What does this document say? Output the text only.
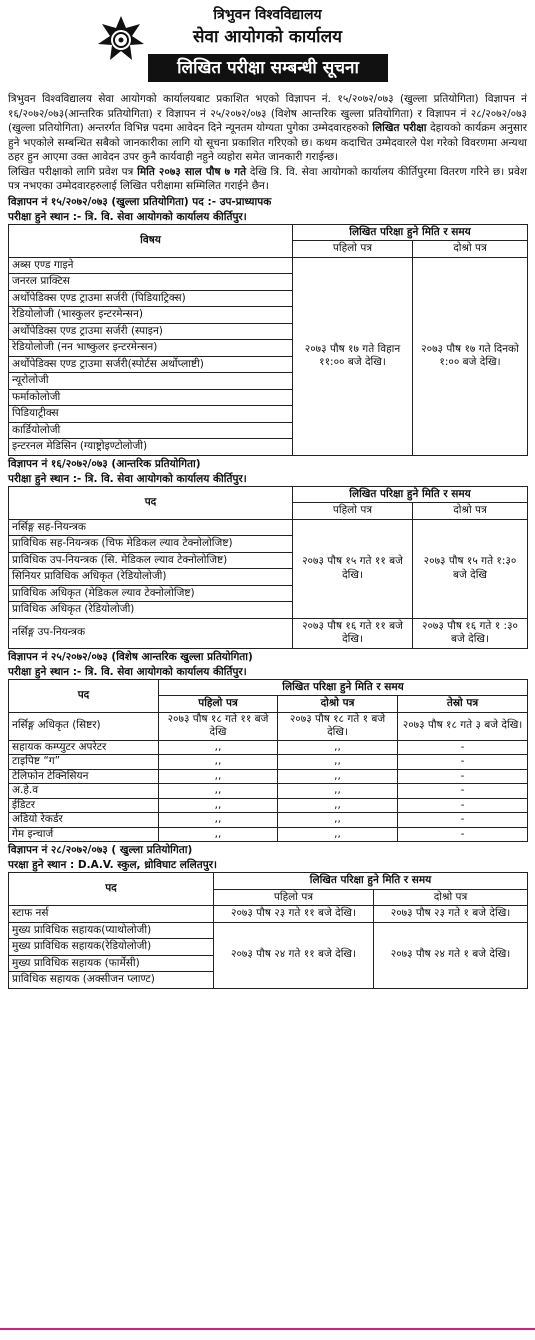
त्रिभुवन विश्वविद्यालय
सेवा आयोगको कार्यालय
लिखित परीक्षा सम्बन्धी सूचना

त्रिभुवन विश्वविद्यालय सेवा आयोगको कार्यालयबाट प्रकाशित भएको विज्ञापन नं. १५/२०७२/०७३ (खुल्ला प्रतियोगिता) विज्ञापन नं १६/२०७२/०७३(आन्तरिक प्रतियोगिता) र विज्ञापन नं २५/२०७२/०७३ (विशेष आन्तरिक खुल्ला प्रतियोगिता) र विज्ञापन नं २८/२०७२/०७३ (खुल्ला प्रतियोगिता) अन्तरर्गत विभिन्न पदमा आवेदन दिने न्यूनतम योग्यता पुगेका उम्मेदवारहरुको लिखित परीक्षा देहायको कार्यक्रम अनुसार हुने भएकोले सम्बन्धित सबैको जानकारीका लागि यो सूचना प्रकाशित गरिएको छ। कथम कदाचित उम्मेदवारले पेश गरेको विवरणमा अन्यथा ठहर हुन आएमा उक्त आवेदन उपर कुनै कार्यवाही नहुने व्यहोरा समेत जानकारी गराईन्छ।

लिखित परीक्षाको लागि प्रवेश पत्र मिति २०७३ साल पौष ७ गते देखि त्रि. वि. सेवा आयोगको कार्यालय कीर्तिपुरमा वितरण गरिने छ। प्रवेश पत्र नभएका उम्मेदवारहरुलाई लिखित परीक्षामा सम्मिलित गराईने छैन।

विज्ञापन नं १५/२०७२/०७३ (खुल्ला प्रतियोगिता) पद :- उप-प्राध्यापक
परीक्षा हुने स्थान :- त्रि. वि. सेवा आयोगको कार्यालय कीर्तिपुर।
विषय	लिखित परिक्षा हुने मिति र समय	
	पहिलो पत्र	दोश्रो पत्र
अब्स एण्ड गाइने	२०७३ पौष १७ गते विहान ११:०० बजे देखि।	२०७३ पौष १७ गते दिनको १:०० बजे देखि।
जनरल प्राक्टिस		
अर्थोपेडिक्स एण्ड ट्राउमा सर्जरी (पिडियाट्रिक्स)		
रेडियोलोजी (भास्कुलर इन्टरमेन्सन)		
अर्थोपेडिक्स एण्ड ट्राउमा सर्जरी (स्पाइन)		
रेडियोलोजी (नन भाष्कुलर इन्टरमेन्सन)		
अर्थोपेडिक्स एण्ड ट्राउमा सर्जरी(स्पोर्टस अर्थोप्लाष्टी)		
न्यूरोलोजी		
फर्माकोलोजी		
पिडियाट्रीक्स		
कार्डियोलोजी		
इन्टरनल मेडिसिन (ग्याष्ट्रोइण्टोलोजी)		
विज्ञापन नं १६/२०७२/०७३ (आन्तरिक प्रतियोगिता)
परीक्षा हुने स्थान :- त्रि. वि. सेवा आयोगको कार्यालय कीर्तिपुर।
पद	लिखित परिक्षा हुने मिति र समय	
	पहिलो पत्र	दोश्रो पत्र
नर्सिङ्ग सह-नियन्त्रक	२०७३ पौष १५ गते ११ बजे देखि।	२०७३ पौष १५ गते १:३० बजे देखि
प्राविधिक सह-नियन्त्रक (चिफ मेडिकल ल्याव टेक्नोलोजिष्ट)		
प्राविधिक उप-नियन्त्रक (सि. मेडिकल ल्याव टेक्नोलोजिष्ट)		
सिनियर प्राविधिक अधिकृत (रेडियोलोजी)		
प्राविधिक अधिकृत (मेडिकल ल्याव टेक्नोलोजिष्ट)		
प्राविधिक अधिकृत (रेडियोलोजी)		
नर्सिङ्ग उप-नियन्त्रक	२०७३ पौष १६ गते ११ बजे देखि।	२०७३ पौष १६ गते १ :३० बजे देखि।
विज्ञापन नं २५/२०७२/०७३ (विशेष आन्तरिक खुल्ला प्रतियोगिता)
परीक्षा हुने स्थान :- त्रि. वि. सेवा आयोगको कार्यालय कीर्तिपुर।
पद	लिखित परिक्षा हुने मिति र समय		
	पहिलो पत्र	दोश्रो पत्र	तेस्रो पत्र
नर्सिङ्ग अधिकृत (सिष्टर)	२०७३ पौष १८ गते ११ बजे देखि	२०७३ पौष १८ गते १ बजे देखि।	२०७३ पौष १८ गते ३ बजे देखि।
सहायक कम्प्युटर अपरेटर	,,	,,	-
टाइपिष्ट “ग”	,,	,,	-
टेलिफोन टेक्निसियन	,,	,,	-
अ.हे.व	,,	,,	-
ईडिटर	,,	,,	-
अडियो रेकर्डर	,,	,,	-
गेम इन्चार्ज	,,	,,	-
विज्ञापन नं २८/२०७२/०७३ ( खुल्ला प्रतियोगिता)
परक्षा हुने स्थान : D.A.V. स्कुल, ध्रोविघाट ललितपुर।
पद	लिखित परिक्षा हुने मिति र समय	
	पहिलो पत्र	दोश्रो पत्र
स्टाफ नर्स	२०७३ पौष २३ गते ११ बजे देखि।	२०७३ पौष २३ गते १ बजे देखि।
मुख्य प्राविधिक सहायक(प्याथोलोजी)	२०७३ पौष २४ गते ११ बजे देखि।	२०७३ पौष २४ गते १ बजे देखि।
मुख्य प्राविधिक सहायक(रेडियोलोजी)		
मुख्य प्राविधिक सहायक (फार्मेसी)		
प्राविधिक सहायक (अक्सीजन प्लाण्ट)		
